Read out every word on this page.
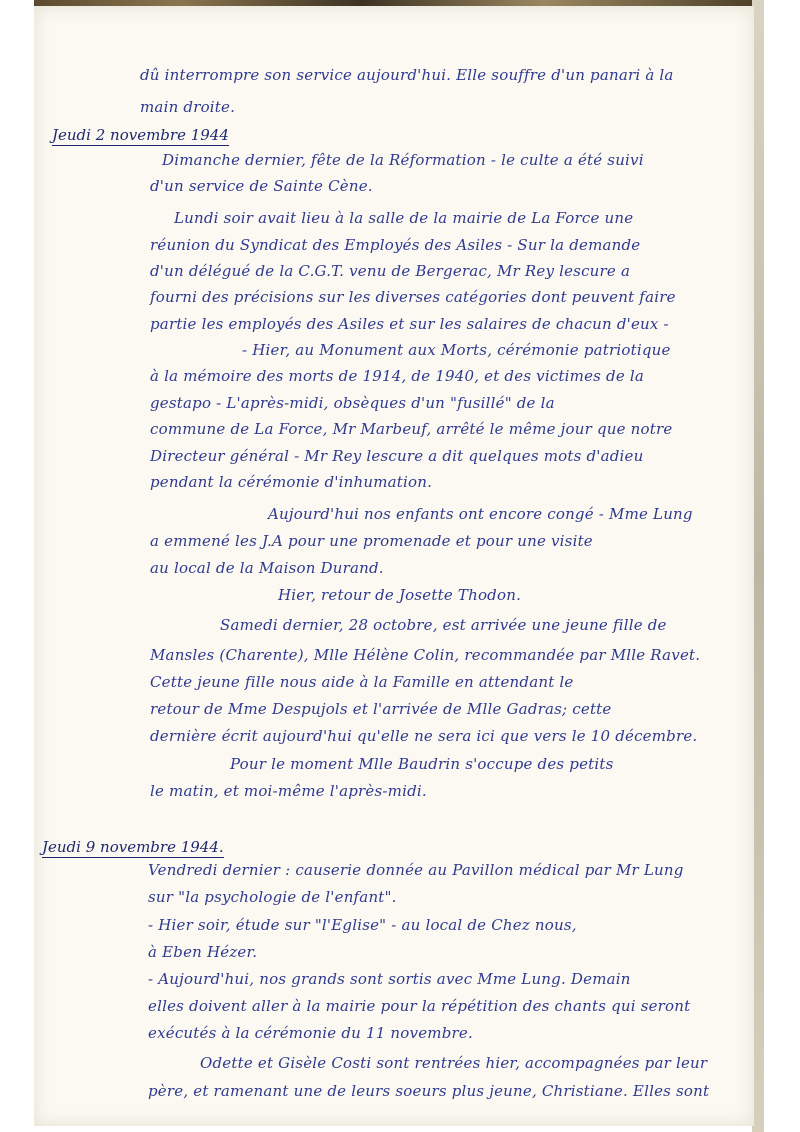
dû interrompre son service aujourd'hui. Elle souffre d'un panari à la
main droite.
Jeudi 2 novembre 1944
Dimanche dernier, fête de la Réformation - le culte a été suivi
d'un service de Sainte Cène.
Lundi soir avait lieu à la salle de la mairie de La Force une
réunion du Syndicat des Employés des Asiles - Sur la demande
d'un délégué de la C.G.T. venu de Bergerac, Mr Rey lescure a
fourni des précisions sur les diverses catégories dont peuvent faire
partie les employés des Asiles et sur les salaires de chacun d'eux -
- Hier, au Monument aux Morts, cérémonie patriotique
à la mémoire des morts de 1914, de 1940, et des victimes de la
gestapo - L'après-midi, obsèques d'un "fusillé" de la
commune de La Force, Mr Marbeuf, arrêté le même jour que notre
Directeur général - Mr Rey lescure a dit quelques mots d'adieu
pendant la cérémonie d'inhumation.
Aujourd'hui nos enfants ont encore congé - Mme Lung
a emmené les J.A pour une promenade et pour une visite
au local de la Maison Durand.
Hier, retour de Josette Thodon.
Samedi dernier, 28 octobre, est arrivée une jeune fille de
Mansles (Charente), Mlle Hélène Colin, recommandée par Mlle Ravet.
Cette jeune fille nous aide à la Famille en attendant le
retour de Mme Despujols et l'arrivée de Mlle Gadras; cette
dernière écrit aujourd'hui qu'elle ne sera ici que vers le 10 décembre.
Pour le moment Mlle Baudrin s'occupe des petits
le matin, et moi-même l'après-midi.
Jeudi 9 novembre 1944.
Vendredi dernier : causerie donnée au Pavillon médical par Mr Lung
sur "la psychologie de l'enfant".
- Hier soir, étude sur "l'Eglise" - au local de Chez nous,
à Eben Hézer.
- Aujourd'hui, nos grands sont sortis avec Mme Lung. Demain
elles doivent aller à la mairie pour la répétition des chants qui seront
exécutés à la cérémonie du 11 novembre.
Odette et Gisèle Costi sont rentrées hier, accompagnées par leur
père, et ramenant une de leurs soeurs plus jeune, Christiane. Elles sont
